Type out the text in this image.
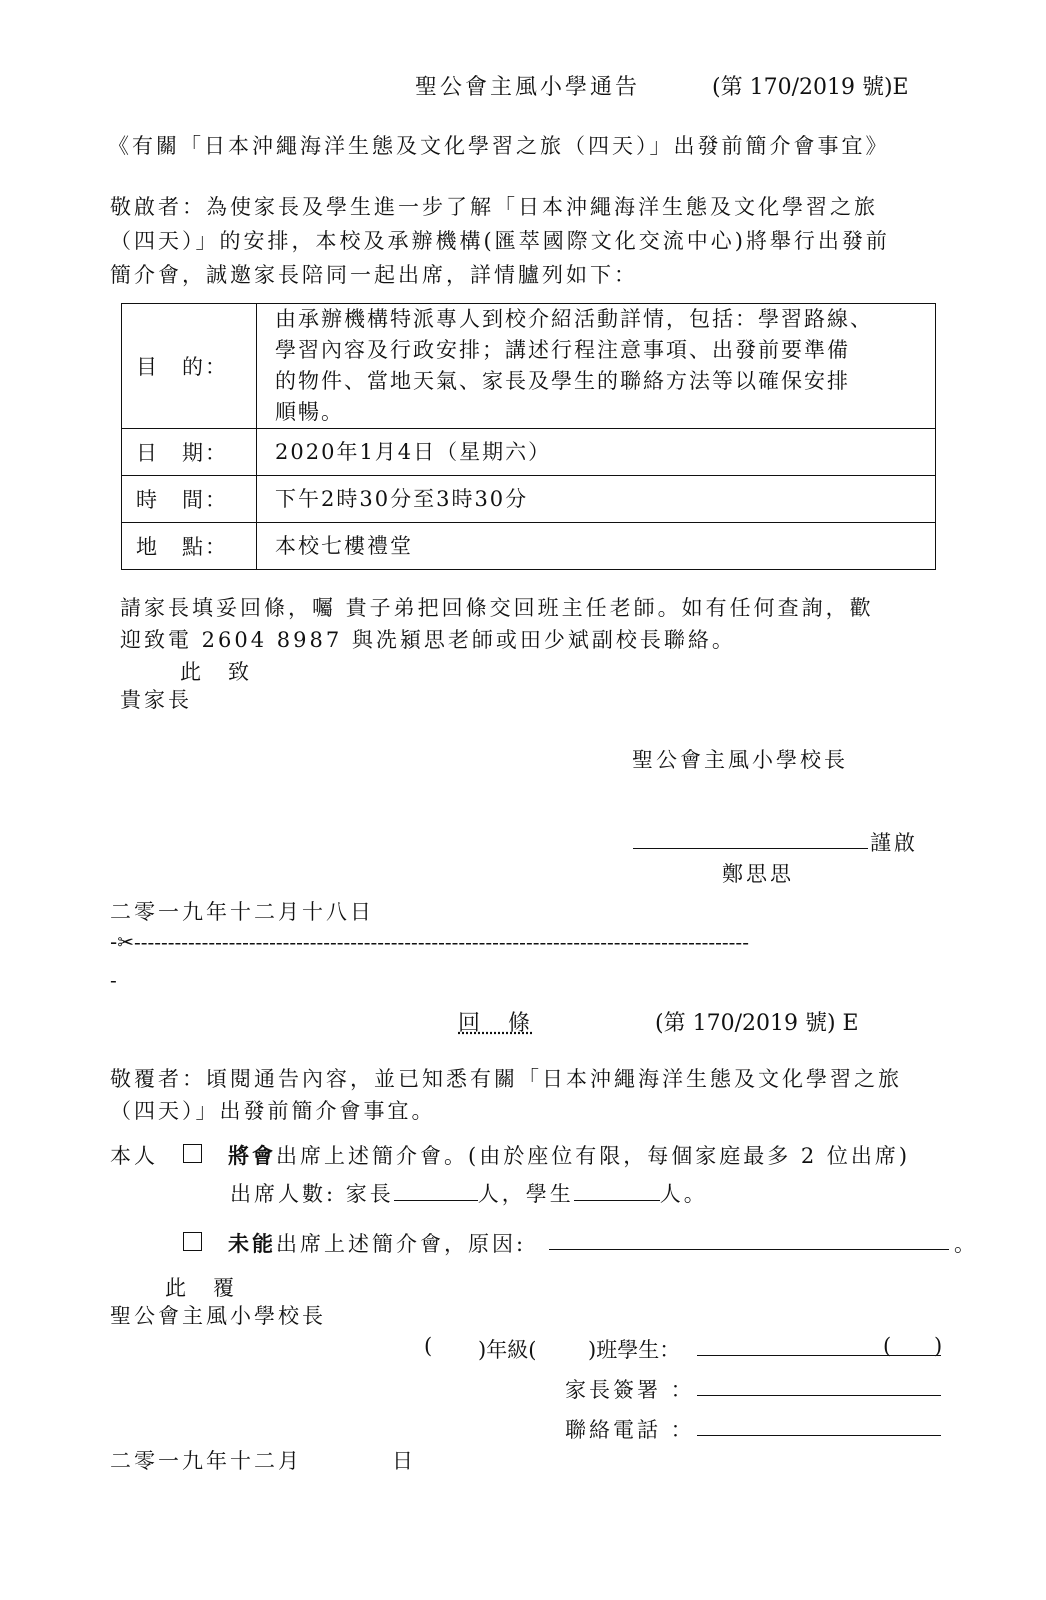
聖公會主風小學通告	(第 170/2019 號)E
《有關「日本沖繩海洋生態及文化學習之旅（四天）」出發前簡介會事宜》
敬啟者：為使家長及學生進一步了解「日本沖繩海洋生態及文化學習之旅
（四天）」的安排，本校及承辦機構(匯萃國際文化交流中心)將舉行出發前
簡介會，誠邀家長陪同一起出席，詳情臚列如下：
目　的：	由承辦機構特派專人到校介紹活動詳情，包括：學習路線、
學習內容及行政安排；講述行程注意事項、出發前要準備
的物件、當地天氣、家長及學生的聯絡方法等以確保安排
順暢。

日　期：	2020年1月4日（星期六）
時　間：	下午2時30分至3時30分
地　點：	本校七樓禮堂
請家長填妥回條，囑 貴子弟把回條交回班主任老師。如有任何查詢，歡
迎致電 2604 8987 與冼潁思老師或田少斌副校長聯絡。
此　致
貴家長
聖公會主風小學校長
謹啟
鄭思思
二零一九年十二月十八日
-✂-------------------------------------------------------------------------------------------
-
回　條	(第 170/2019 號) E
敬覆者：頃閱通告內容，並已知悉有關「日本沖繩海洋生態及文化學習之旅
（四天）」出發前簡介會事宜。
本人	將會出席上述簡介會。(由於座位有限，每個家庭最多 2 位出席)
出席人數: 家長	人，學生	人。
未能出席上述簡介會，原因:	。
此　覆
聖公會主風小學校長
( )年級( )班學生：	( )
家長簽署 ：
聯絡電話 ：
二零一九年十二月	日
